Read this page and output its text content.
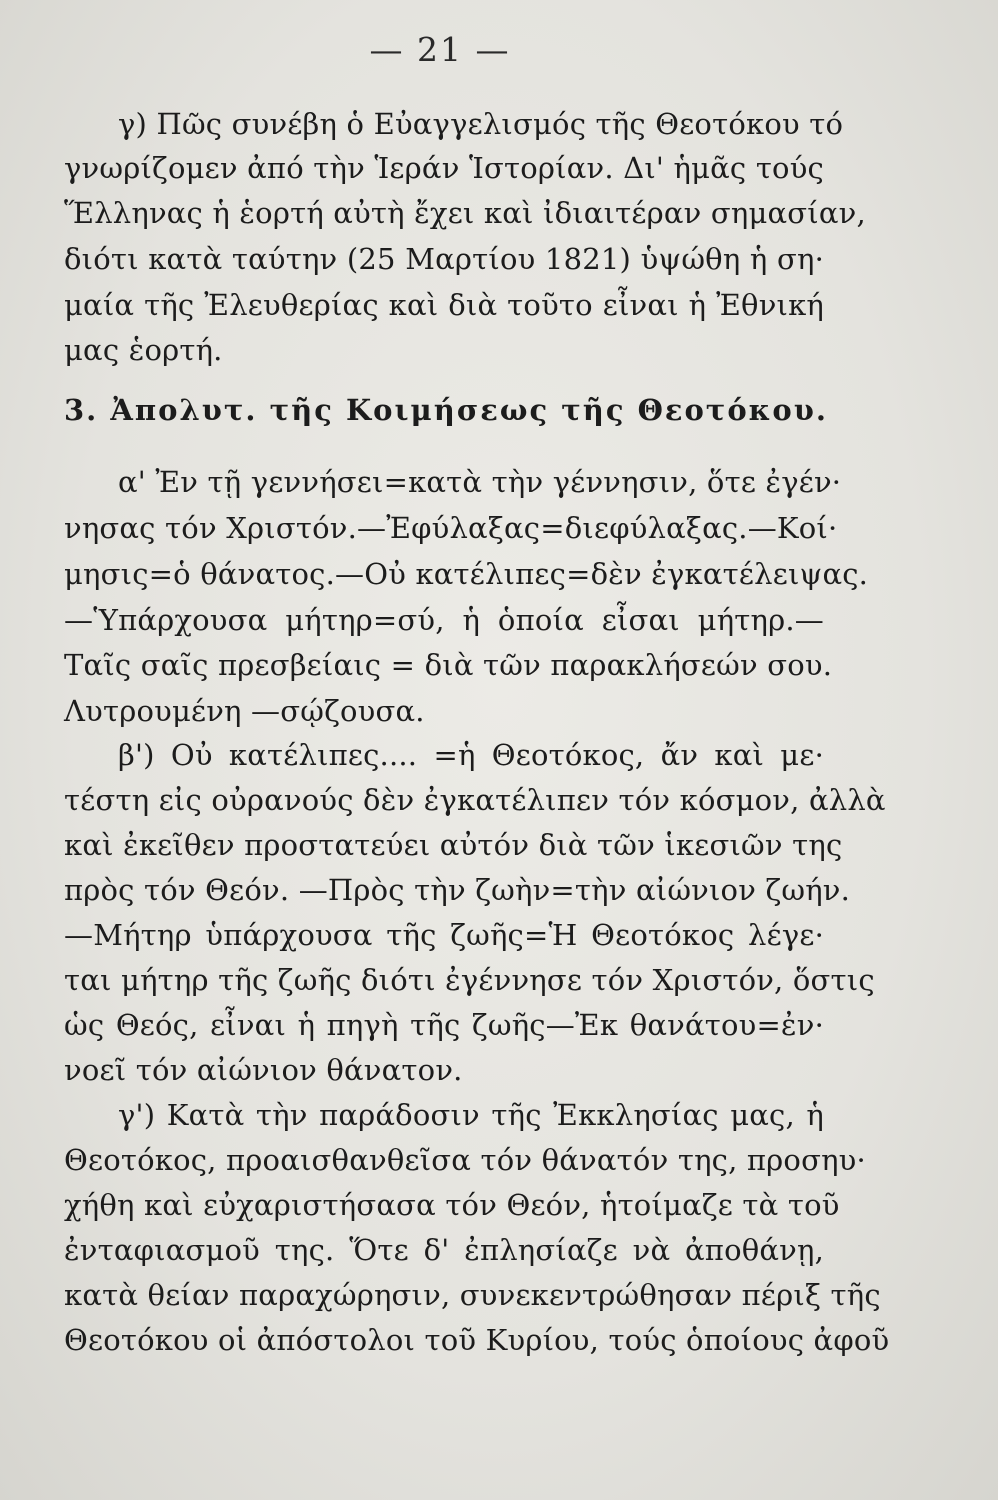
— 21 —
γ) Πῶς συνέβη ὁ Εὐαγγελισμός τῆς Θεοτόκου τό
γνωρίζομεν ἀπό τὴν Ἱεράν Ἱστορίαν. Δι' ἡμᾶς τούς
Ἕλληνας ἡ ἑορτή αὐτὴ ἔχει καὶ ἰδιαιτέραν σημασίαν,
διότι κατὰ ταύτην (25 Μαρτίου 1821) ὑψώθη ἡ ση·
μαία τῆς Ἐλευθερίας καὶ διὰ τοῦτο εἶναι ἡ Ἐθνική
μας ἑορτή.
3. Ἀπολυτ. τῆς Κοιμήσεως τῆς Θεοτόκου.
α' Ἐν τῇ γεννήσει=κατὰ τὴν γέννησιν, ὅτε ἐγέν·
νησας τόν Χριστόν.—Ἐφύλαξας=διεφύλαξας.—Κοί·
μησις=ὁ θάνατος.—Οὐ κατέλιπες=δὲν ἐγκατέλειψας.
—Ὑπάρχουσα μήτηρ=σύ, ἡ ὁποία εἶσαι μήτηρ.—
Ταῖς σαῖς πρεσβείαις = διὰ τῶν παρακλήσεών σου.
Λυτρουμένη —σῴζουσα.
β') Οὐ κατέλιπες.... =ἡ Θεοτόκος, ἄν καὶ με·
τέστη εἰς οὐρανούς δὲν ἐγκατέλιπεν τόν κόσμον, ἀλλὰ
καὶ ἐκεῖθεν προστατεύει αὐτόν διὰ τῶν ἱκεσιῶν της
πρὸς τόν Θεόν. —Πρὸς τὴν ζωὴν=τὴν αἰώνιον ζωήν.
—Μήτηρ ὑπάρχουσα τῆς ζωῆς=Ἡ Θεοτόκος λέγε·
ται μήτηρ τῆς ζωῆς διότι ἐγέννησε τόν Χριστόν, ὅστις
ὡς Θεός, εἶναι ἡ πηγὴ τῆς ζωῆς—Ἐκ θανάτου=ἐν·
νοεῖ τόν αἰώνιον θάνατον.
γ') Κατὰ τὴν παράδοσιν τῆς Ἐκκλησίας μας, ἡ
Θεοτόκος, προαισθανθεῖσα τόν θάνατόν της, προσηυ·
χήθη καὶ εὐχαριστήσασα τόν Θεόν, ἡτοίμαζε τὰ τοῦ
ἐνταφιασμοῦ της. Ὅτε δ' ἐπλησίαζε νὰ ἀποθάνῃ,
κατὰ θείαν παραχώρησιν, συνεκεντρώθησαν πέριξ τῆς
Θεοτόκου οἱ ἀπόστολοι τοῦ Κυρίου, τούς ὁποίους ἀφοῦ
